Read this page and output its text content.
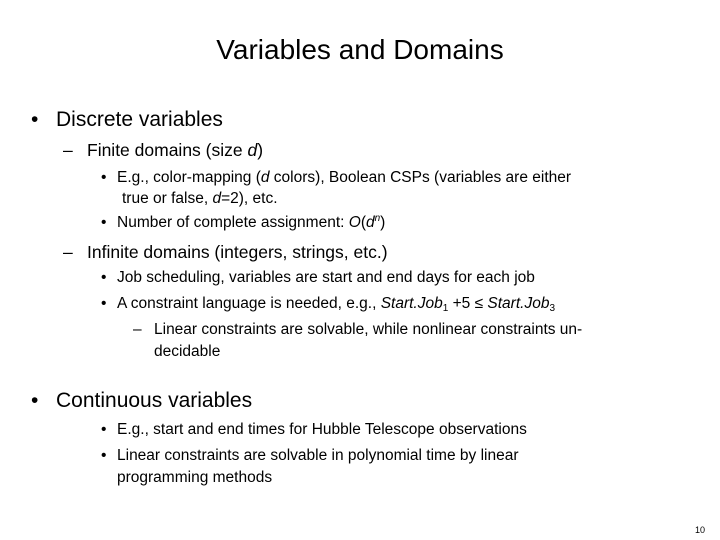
Variables and Domains
• Discrete variables
– Finite domains (size d)
• E.g., color-mapping (d colors), Boolean CSPs (variables are either
true or false, d=2), etc.
• Number of complete assignment: $O(d^n)$
– Infinite domains (integers, strings, etc.)
• Job scheduling, variables are start and end days for each job
• A constraint language is needed, e.g., Start.Job$_1$ +5 ≤ Start.Job$_3$
– Linear constraints are solvable, while nonlinear constraints un-
decidable
• Continuous variables
• E.g., start and end times for Hubble Telescope observations
• Linear constraints are solvable in polynomial time by linear
programming methods
10
